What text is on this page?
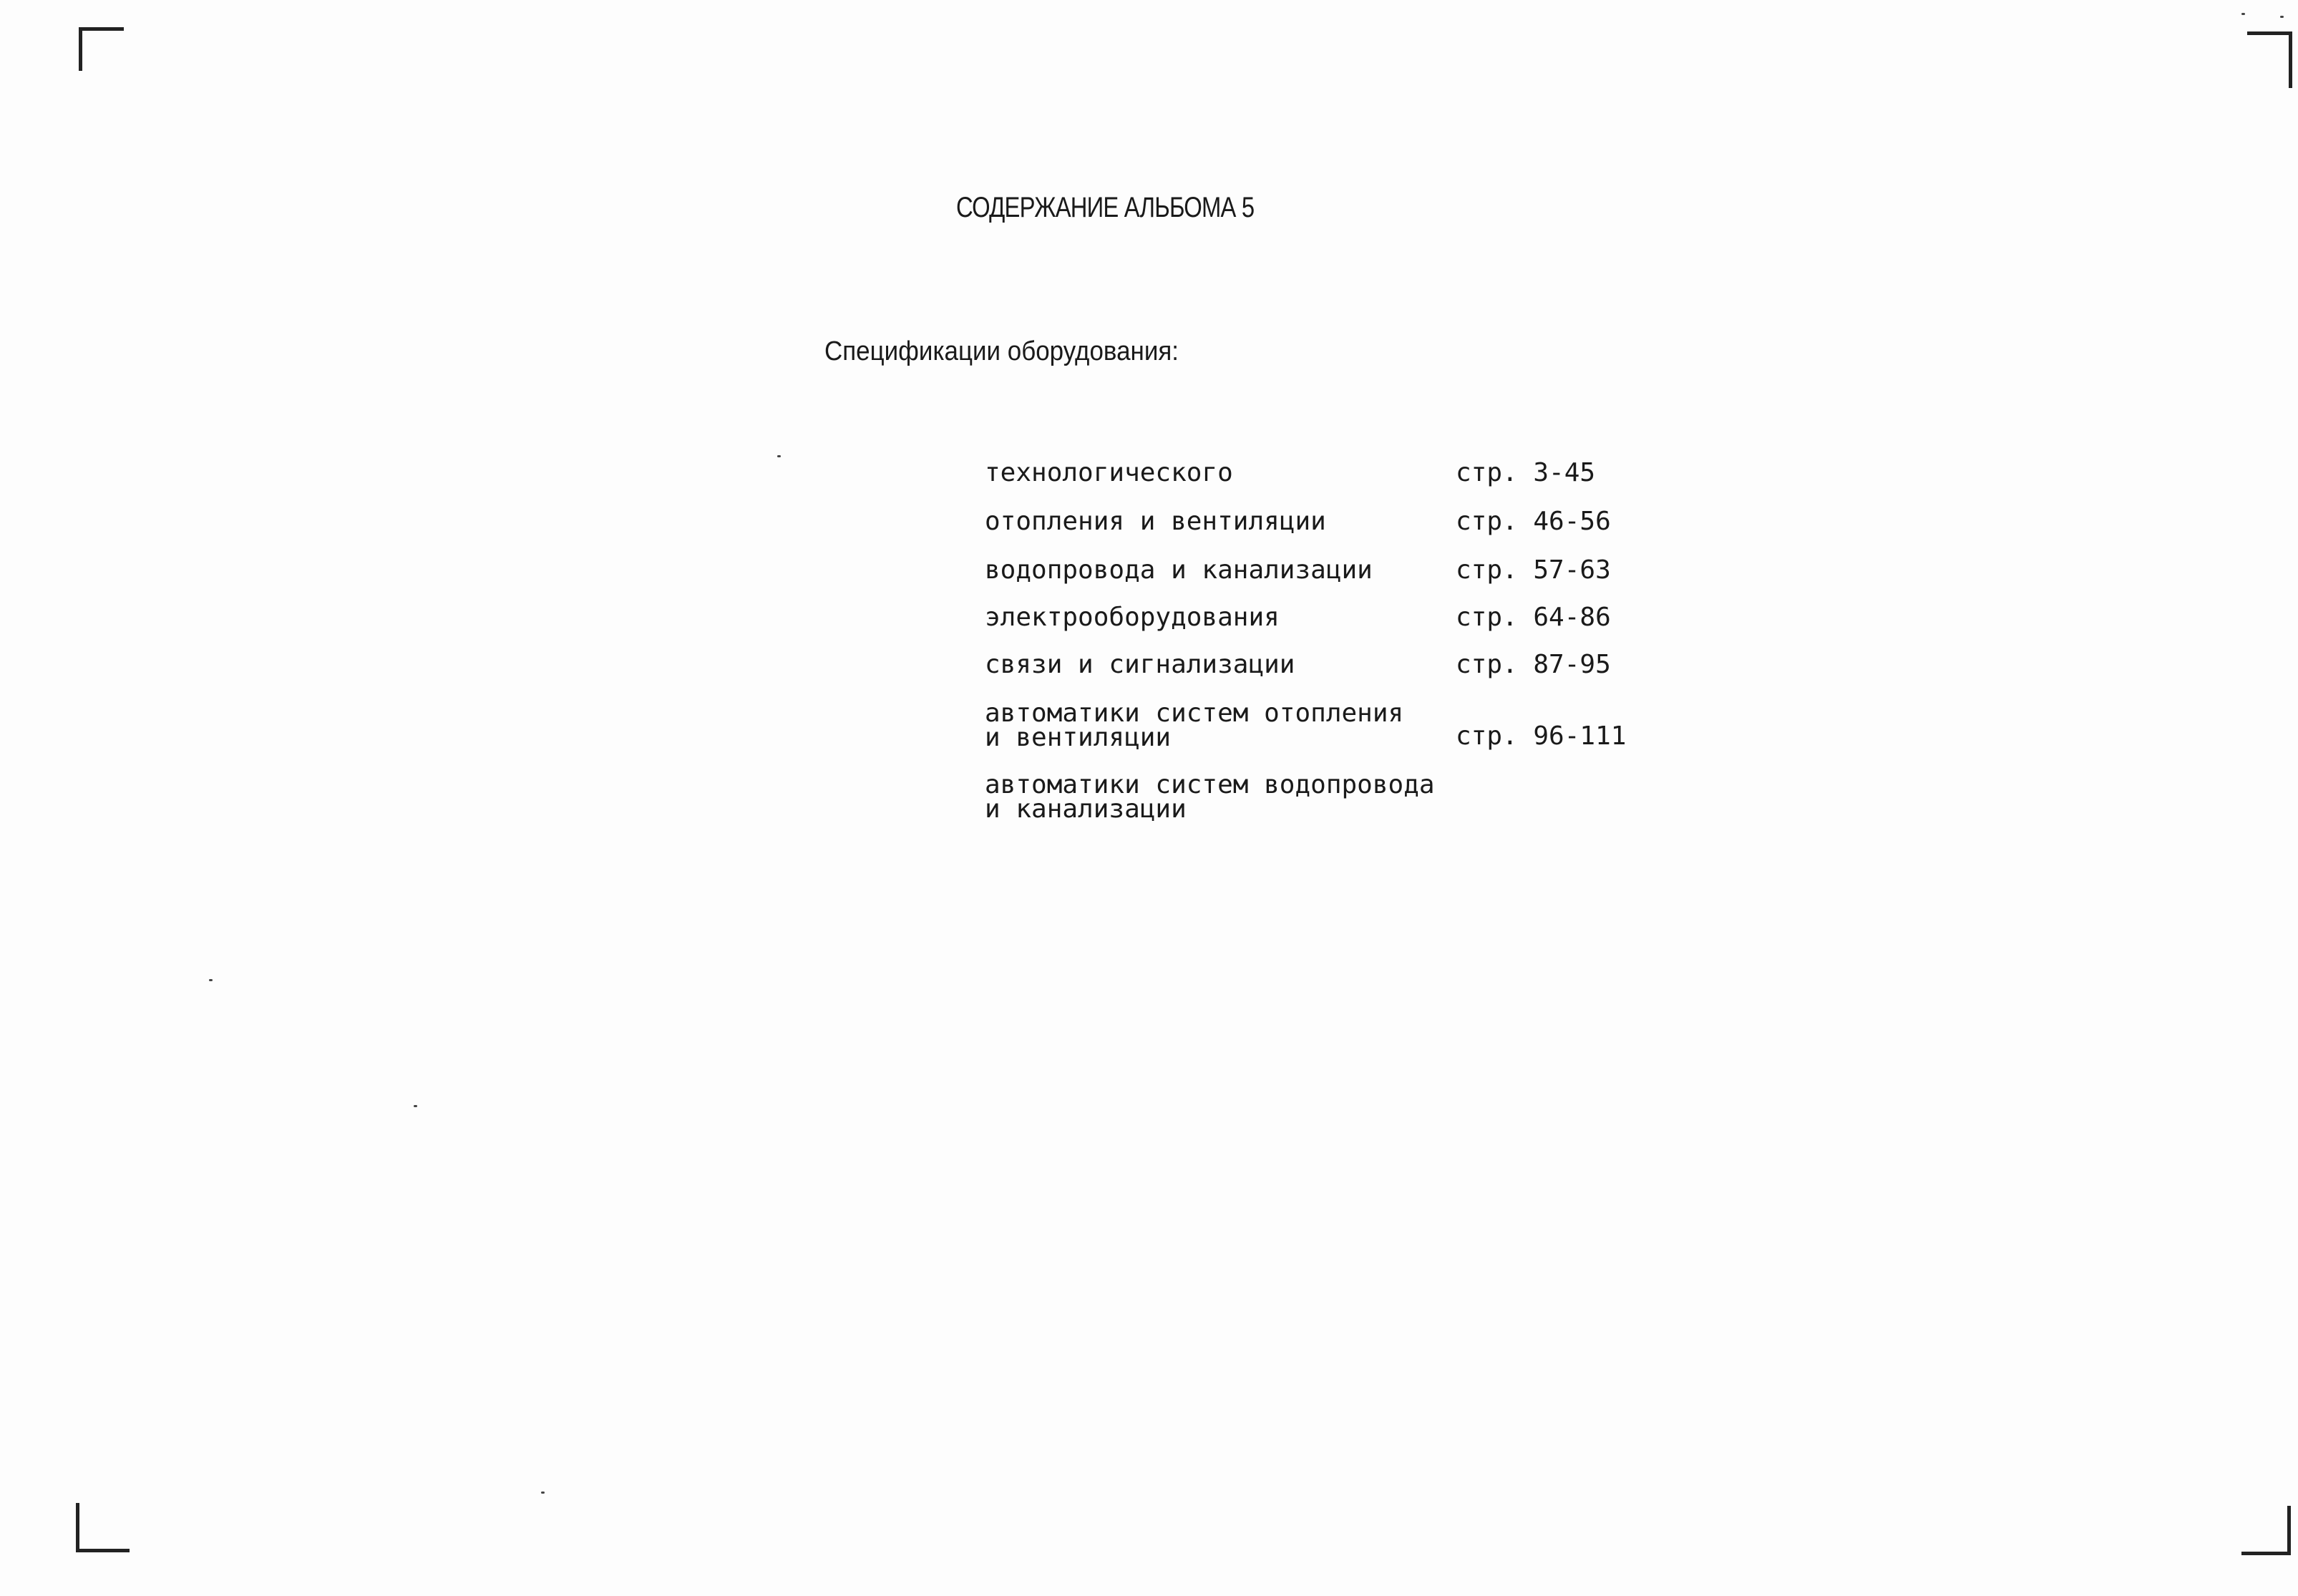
СОДЕРЖАНИЕ АЛЬБОМА 5
Спецификации оборудования:
технологического	стр. 3-45
отопления и вентиляции	стр. 46-56
водопровода и канализации	стр. 57-63
электрооборудования	стр. 64-86
связи и сигнализации	стр. 87-95
автоматики систем отопления
и вентиляции	стр. 96-111
автоматики систем водопровода
и канализации
